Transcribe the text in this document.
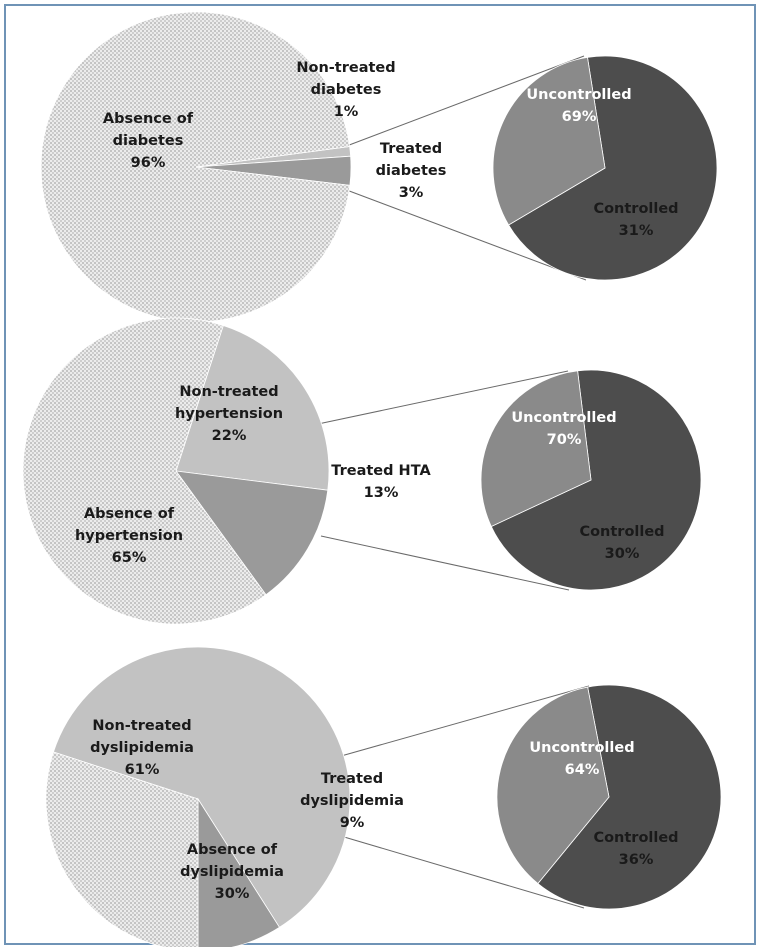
Non-treated diabetes 1%
Treated diabetes 3%
Absence of diabetes 96%
Uncontrolled 69%
Controlled 31%
Non-treated hypertension 22%
Treated HTA 13%
Absence of hypertension 65%
Uncontrolled 70%
Controlled 30%
Non-treated dyslipidemia 61%
Treated dyslipidemia 9%
Absence of dyslipidemia 30%
Uncontrolled 64%
Controlled 36%
